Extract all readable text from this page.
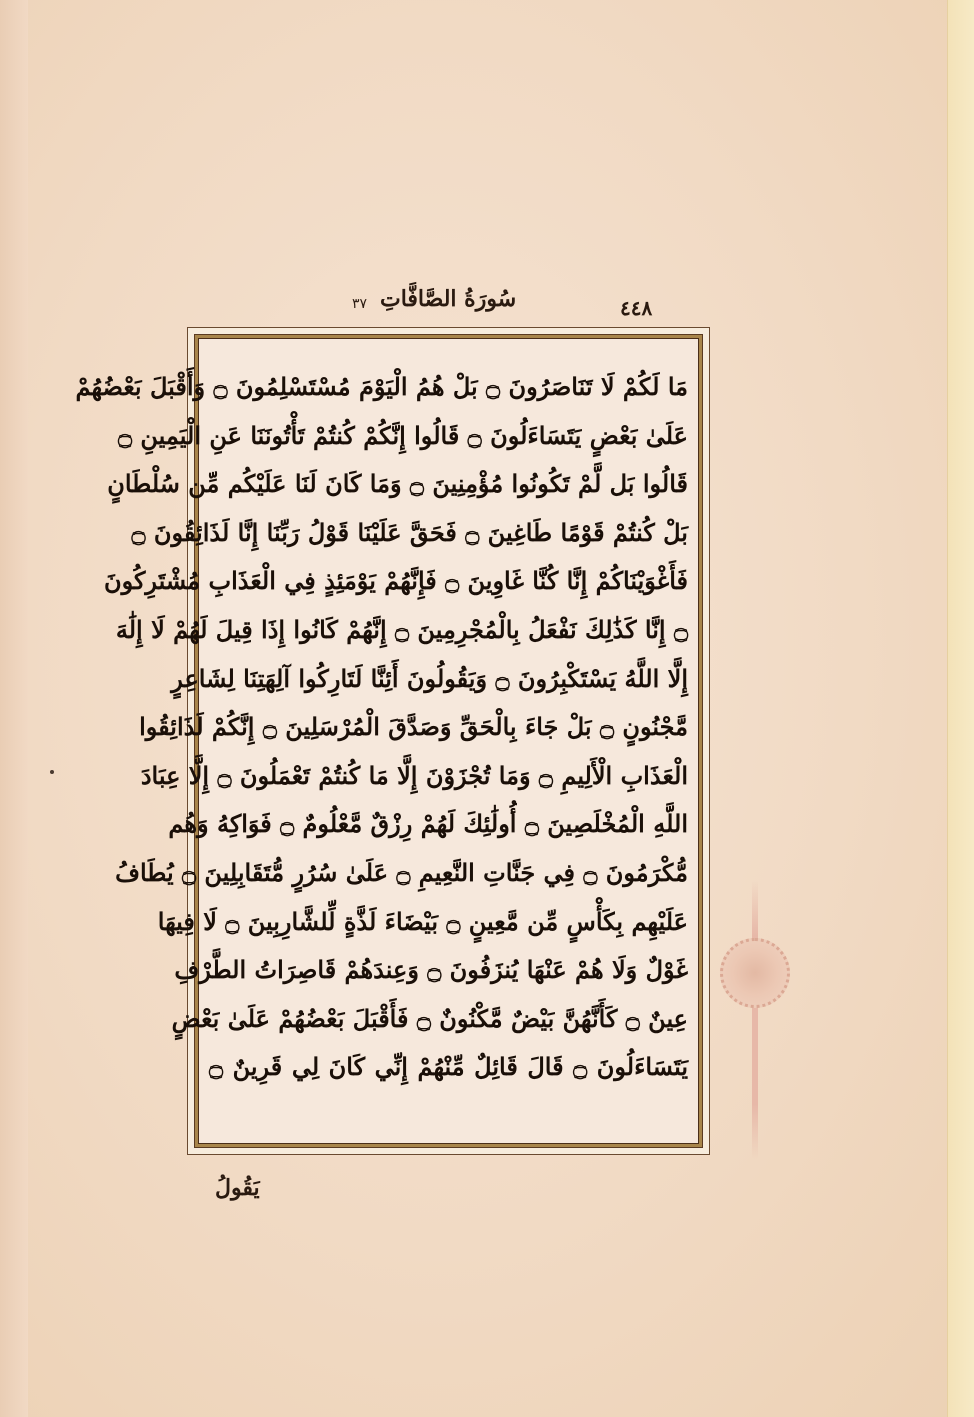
٣٧ سُورَةُ الصَّافَّاتِ	٤٤٨
مَا لَكُمْ لَا تَنَاصَرُونَ ۝ بَلْ هُمُ الْيَوْمَ مُسْتَسْلِمُونَ ۝ وَأَقْبَلَ بَعْضُهُمْ
عَلَىٰ بَعْضٍ يَتَسَاءَلُونَ ۝ قَالُوا إِنَّكُمْ كُنتُمْ تَأْتُونَنَا عَنِ الْيَمِينِ ۝
قَالُوا بَل لَّمْ تَكُونُوا مُؤْمِنِينَ ۝ وَمَا كَانَ لَنَا عَلَيْكُم مِّن سُلْطَانٍ
بَلْ كُنتُمْ قَوْمًا طَاغِينَ ۝ فَحَقَّ عَلَيْنَا قَوْلُ رَبِّنَا إِنَّا لَذَائِقُونَ ۝
فَأَغْوَيْنَاكُمْ إِنَّا كُنَّا غَاوِينَ ۝ فَإِنَّهُمْ يَوْمَئِذٍ فِي الْعَذَابِ مُشْتَرِكُونَ
۝ إِنَّا كَذَٰلِكَ نَفْعَلُ بِالْمُجْرِمِينَ ۝ إِنَّهُمْ كَانُوا إِذَا قِيلَ لَهُمْ لَا إِلَٰهَ
إِلَّا اللَّهُ يَسْتَكْبِرُونَ ۝ وَيَقُولُونَ أَئِنَّا لَتَارِكُوا آلِهَتِنَا لِشَاعِرٍ
مَّجْنُونٍ ۝ بَلْ جَاءَ بِالْحَقِّ وَصَدَّقَ الْمُرْسَلِينَ ۝ إِنَّكُمْ لَذَائِقُوا
الْعَذَابِ الْأَلِيمِ ۝ وَمَا تُجْزَوْنَ إِلَّا مَا كُنتُمْ تَعْمَلُونَ ۝ إِلَّا عِبَادَ
اللَّهِ الْمُخْلَصِينَ ۝ أُولَٰئِكَ لَهُمْ رِزْقٌ مَّعْلُومٌ ۝ فَوَاكِهُ وَهُم
مُّكْرَمُونَ ۝ فِي جَنَّاتِ النَّعِيمِ ۝ عَلَىٰ سُرُرٍ مُّتَقَابِلِينَ ۝ يُطَافُ
عَلَيْهِم بِكَأْسٍ مِّن مَّعِينٍ ۝ بَيْضَاءَ لَذَّةٍ لِّلشَّارِبِينَ ۝ لَا فِيهَا
غَوْلٌ وَلَا هُمْ عَنْهَا يُنزَفُونَ ۝ وَعِندَهُمْ قَاصِرَاتُ الطَّرْفِ
عِينٌ ۝ كَأَنَّهُنَّ بَيْضٌ مَّكْنُونٌ ۝ فَأَقْبَلَ بَعْضُهُمْ عَلَىٰ بَعْضٍ
يَتَسَاءَلُونَ ۝ قَالَ قَائِلٌ مِّنْهُمْ إِنِّي كَانَ لِي قَرِينٌ ۝
يَقُولُ
